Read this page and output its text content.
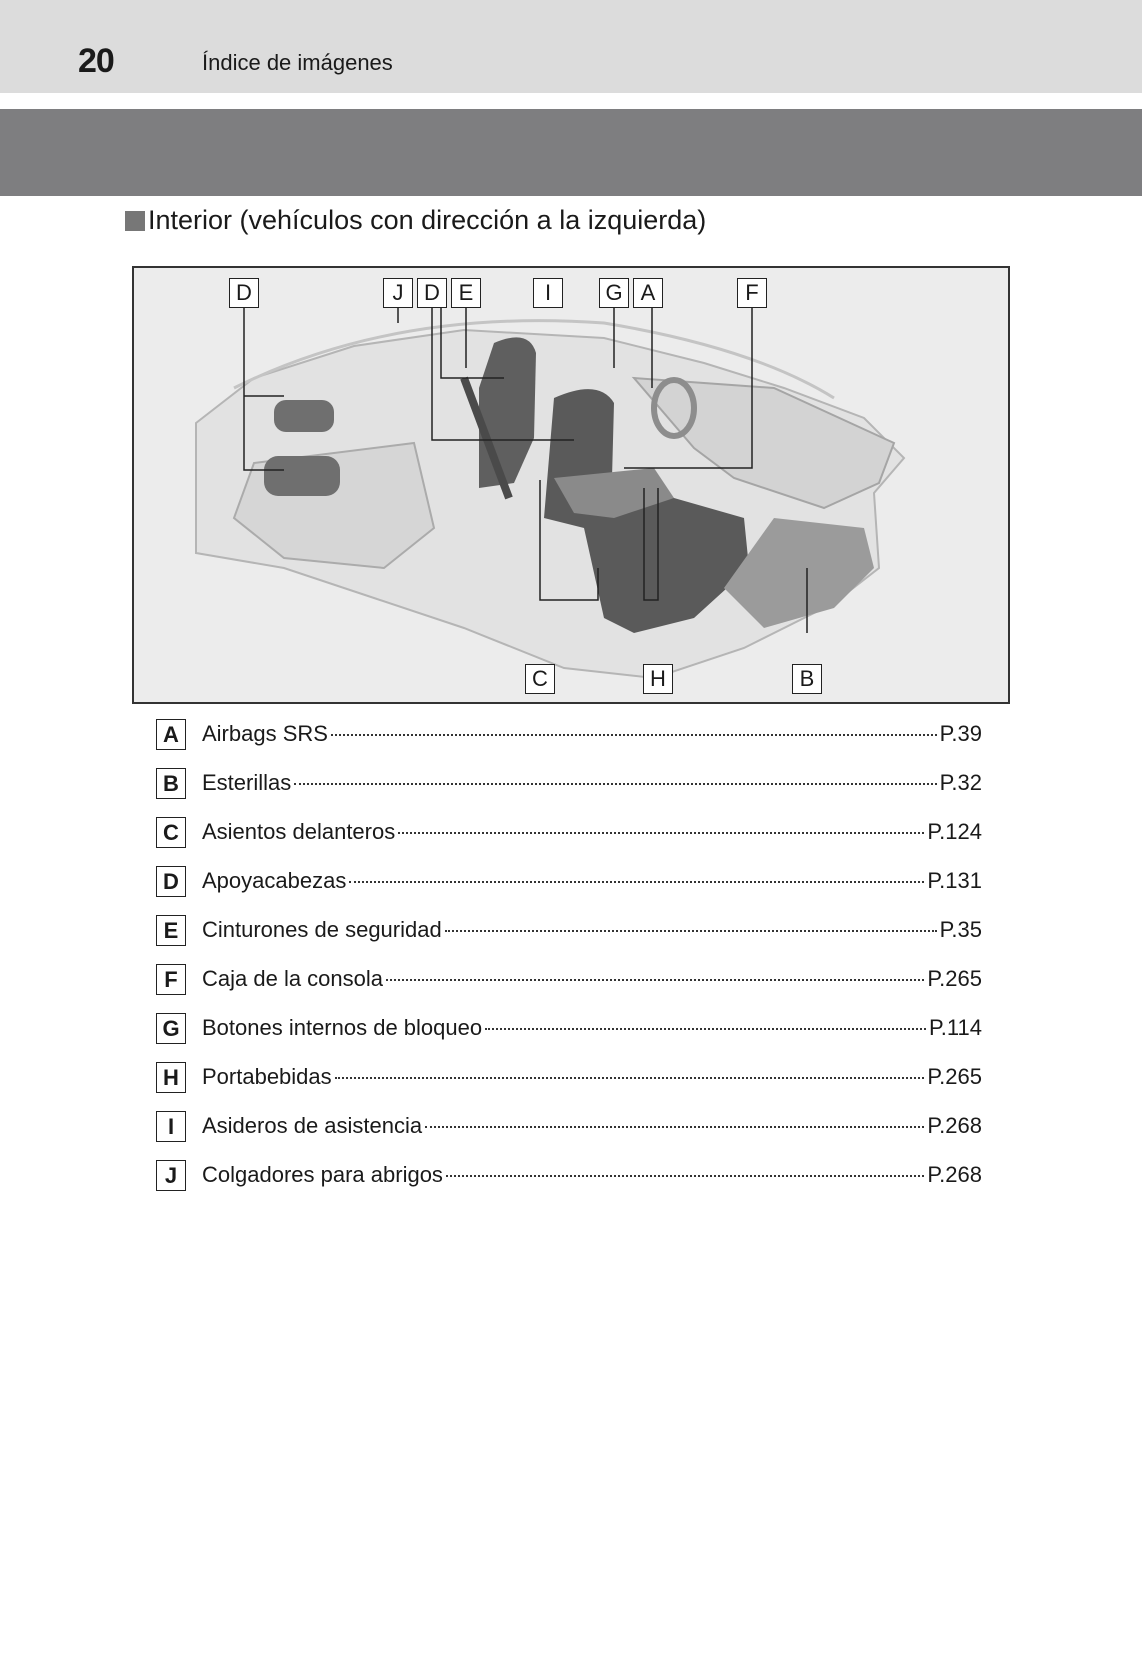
20	Índice de imágenes
Interior (vehículos con dirección a la izquierda)
D	J D E	I	G A	F
C	H	B
A	Airbags SRS	P.39
B	Esterillas	P.32
C	Asientos delanteros	P.124
D	Apoyacabezas	P.131
E	Cinturones de seguridad	P.35
F	Caja de la consola	P.265
G Botones internos de bloqueo	P.114
H	Portabebidas	P.265
I	Asideros de asistencia	P.268
J	Colgadores para abrigos	P.268
